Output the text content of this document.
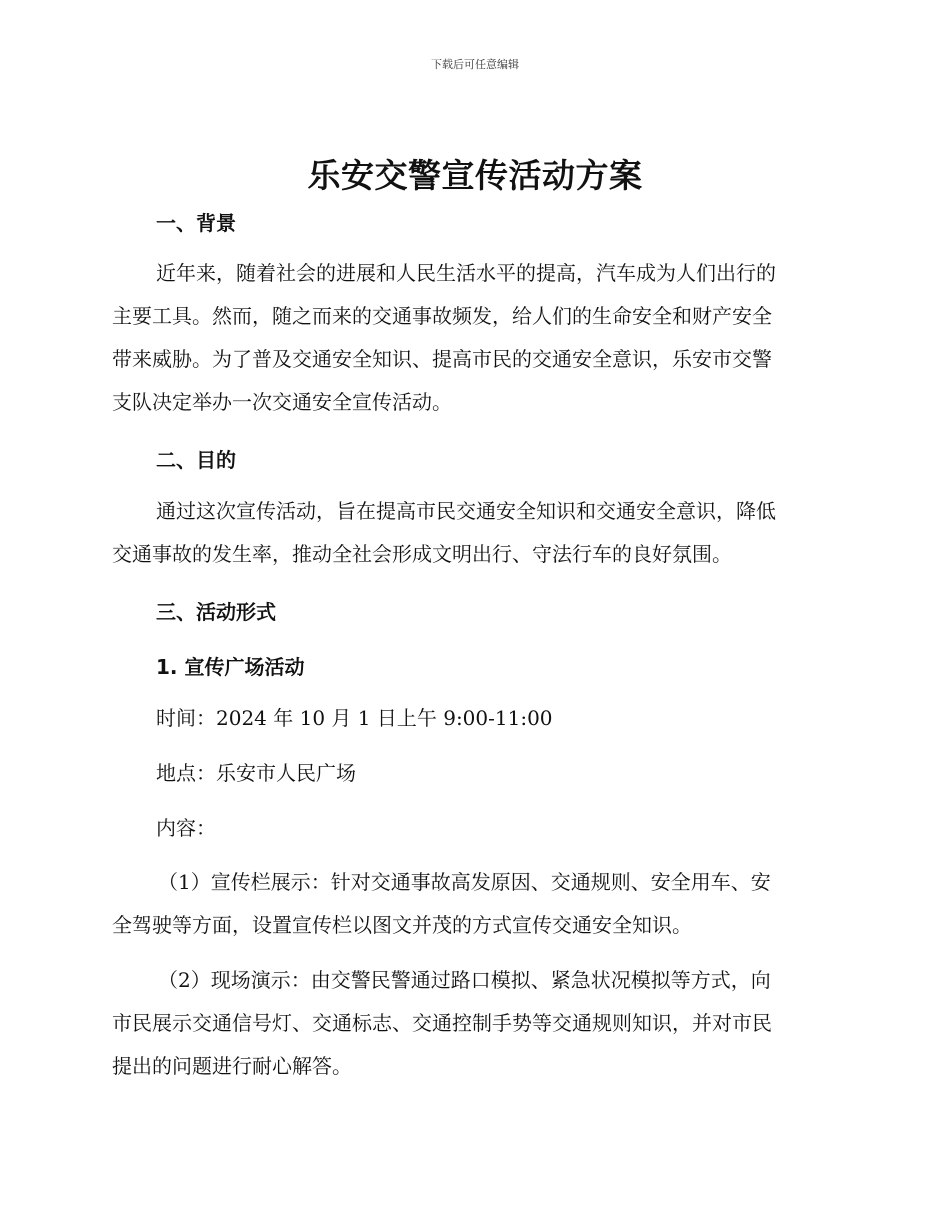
下载后可任意编辑
乐安交警宣传活动方案
一、背景
近年来，随着社会的进展和人民生活水平的提高，汽车成为人们出行的
主要工具。然而，随之而来的交通事故频发，给人们的生命安全和财产安全
带来威胁。为了普及交通安全知识、提高市民的交通安全意识，乐安市交警
支队决定举办一次交通安全宣传活动。
二、目的
通过这次宣传活动，旨在提高市民交通安全知识和交通安全意识，降低
交通事故的发生率，推动全社会形成文明出行、守法行车的良好氛围。
三、活动形式
1. 宣传广场活动
时间：2024 年 10 月 1 日上午 9:00-11:00
地点：乐安市人民广场
内容：
（1）宣传栏展示：针对交通事故高发原因、交通规则、安全用车、安
全驾驶等方面，设置宣传栏以图文并茂的方式宣传交通安全知识。
（2）现场演示：由交警民警通过路口模拟、紧急状况模拟等方式，向
市民展示交通信号灯、交通标志、交通控制手势等交通规则知识，并对市民
提出的问题进行耐心解答。
